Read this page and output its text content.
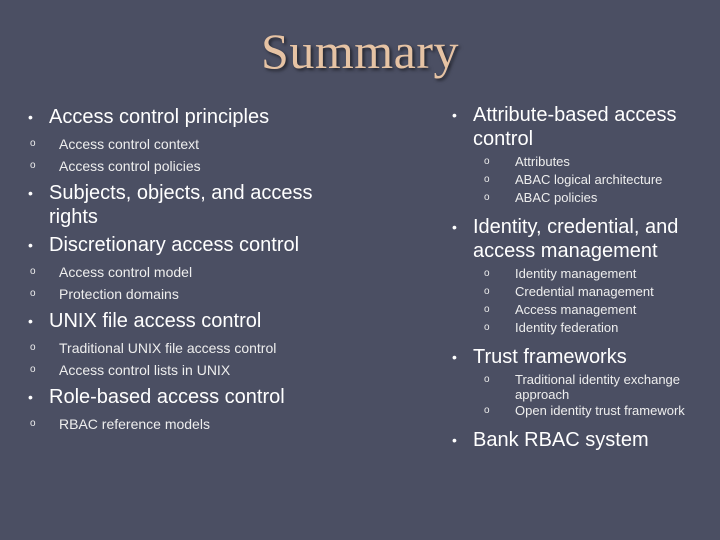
Summary
• Access control principles
o	Access control context
o	Access control policies
• Subjects, objects, and access rights
• Discretionary access control
o	Access control model
o	Protection domains
• UNIX file access control
o	Traditional UNIX file access control
o	Access control lists in UNIX
• Role-based access control
o	RBAC reference models
• Attribute-based access control
o	Attributes
o	ABAC logical architecture
o	ABAC policies
• Identity, credential, and access management
o	Identity management
o	Credential management
o	Access management
o	Identity federation
• Trust frameworks
o	Traditional identity exchange approach
o	Open identity trust framework
• Bank RBAC system
